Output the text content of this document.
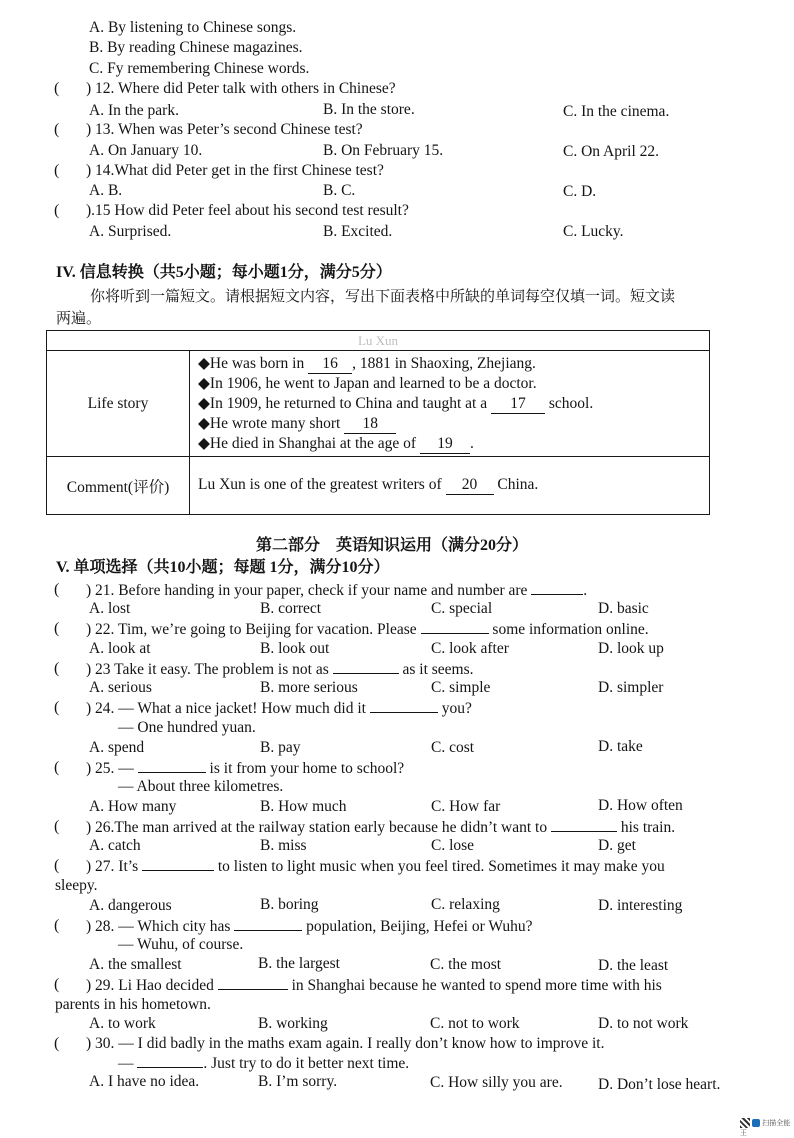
A. By listening to Chinese songs.
B. By reading Chinese magazines.
C. Fy remembering Chinese words.
( ) 12. Where did Peter talk with others in Chinese?
A. In the park.	B. In the store.	C. In the cinema.
( ) 13. When was Peter’s second Chinese test?
A. On January 10.	B. On February 15.	C. On April 22.
( ) 14.What did Peter get in the first Chinese test?
A. B.	B. C.	C. D.
( ).15 How did Peter feel about his second test result?
A. Surprised.	B. Excited.	C. Lucky.
IV. 信息转换（共5小题；每小题1分，满分5分）
你将听到一篇短文。请根据短文内容，写出下面表格中所缺的单词每空仅填一词。短文读
两遍。
Lu Xun	
Life story	◆He was born in 16 , 1881 in Shaoxing, Zhejiang.
◆In 1906, he went to Japan and learned to be a doctor.
◆In 1909, he returned to China and taught at a 17 school.
◆He wrote many short 18
◆He died in Shanghai at the age of 19 .

Comment(评价)	Lu Xun is one of the greatest writers of 20 China.
第二部分　英语知识运用（满分20分）
V. 单项选择（共10小题；每题 1分，满分10分）
( ) 21. Before handing in your paper, check if your name and number are	.
A. lost	B. correct	C. special	D. basic
( ) 22. Tim, we’re going to Beijing for vacation. Please	some information online.
A. look at	B. look out	C. look after	D. look up
( ) 23 Take it easy. The problem is not as	as it seems.
A. serious	B. more serious	C. simple	D. simpler
( ) 24. — What a nice jacket! How much did it	you?
— One hundred yuan.
A. spend	B. pay	C. cost	D. take
( ) 25. —	is it from your home to school?
— About three kilometres.
A. How many	B. How much	C. How far	D. How often
( ) 26.The man arrived at the railway station early because he didn’t want to	his train.
A. catch	B. miss	C. lose	D. get
( ) 27. It’s	to listen to light music when you feel tired. Sometimes it may make you
sleepy.
A. dangerous	B. boring	C. relaxing	D. interesting
( ) 28. — Which city has	population, Beijing, Hefei or Wuhu?
— Wuhu, of course.
A. the smallest	B. the largest	C. the most	D. the least
( ) 29. Li Hao decided	in Shanghai because he wanted to spend more time with his
parents in his hometown.
A. to work	B. working	C. not to work	D. to not work
( ) 30. — I did badly in the maths exam again. I really don’t know how to improve it.
—	. Just try to do it better next time.
A. I have no idea.	B. I’m sorry.	C. How silly you are. D. Don’t lose heart.
扫描全能王
